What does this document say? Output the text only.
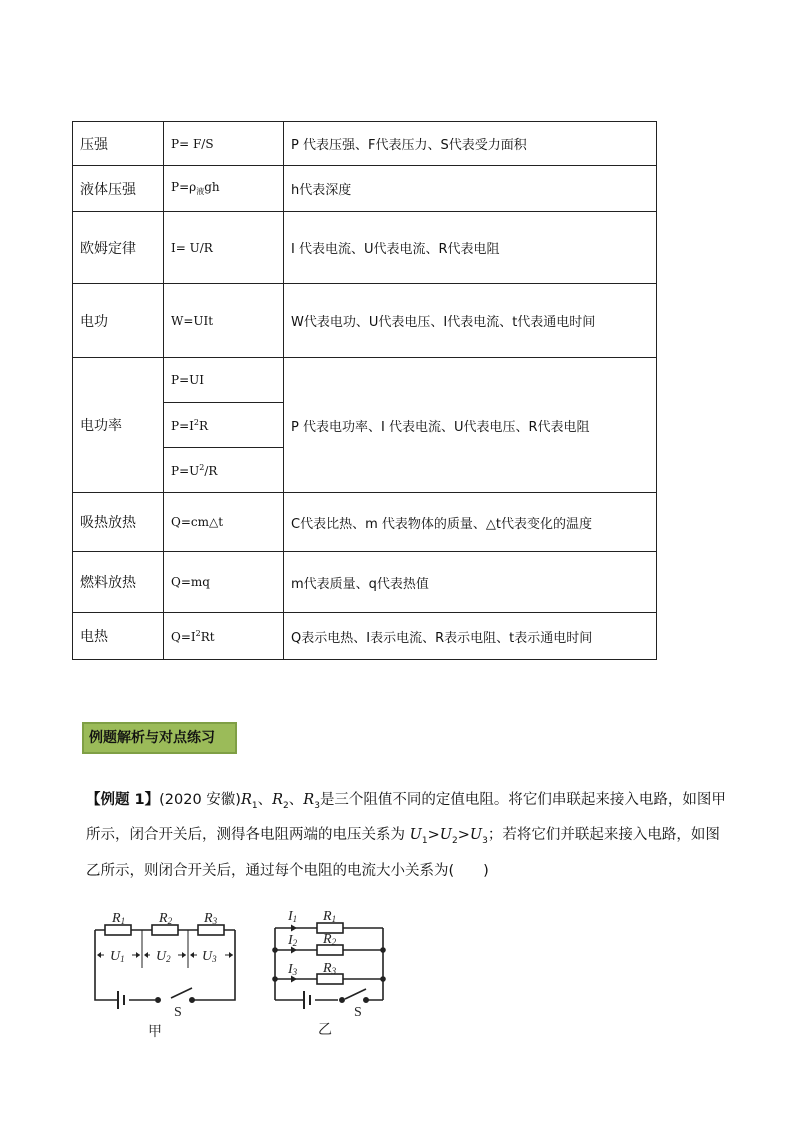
压强	P= F/S	P 代表压强、F代表压力、S代表受力面积
液体压强	$P=\rho_液gh$	h代表深度
欧姆定律	I= U/R	I 代表电流、U代表电流、R代表电阻
电功	W=UIt	W代表电功、U代表电压、I代表电流、t代表通电时间
电功率	P=UI	P 代表电功率、I 代表电流、U代表电压、R代表电阻
	$P=I^2R$	
	$P=U^2/R$	
吸热放热	Q=cm△t	C代表比热、m 代表物体的质量、△t代表变化的温度
燃料放热	Q=mq	m代表质量、q代表热值
电热	$Q=I^2Rt$	Q表示电热、I表示电流、R表示电阻、t表示通电时间
例题解析与对点练习
【例题 1】(2020 安徽)$R_1$、$R_2$、$R_3$是三个阻值不同的定值电阻。将它们串联起来接入电路，如图甲所示，闭合开关后，测得各电阻两端的电压关系为 $U_1>U_2>U_3$；若将它们并联起来接入电路，如图乙所示，则闭合开关后，通过每个电阻的电流大小关系为(　　)
R1 R2 R3
U1 U2 U3
S
甲
I1
I2
I3
R1
R2
R3
S
乙
